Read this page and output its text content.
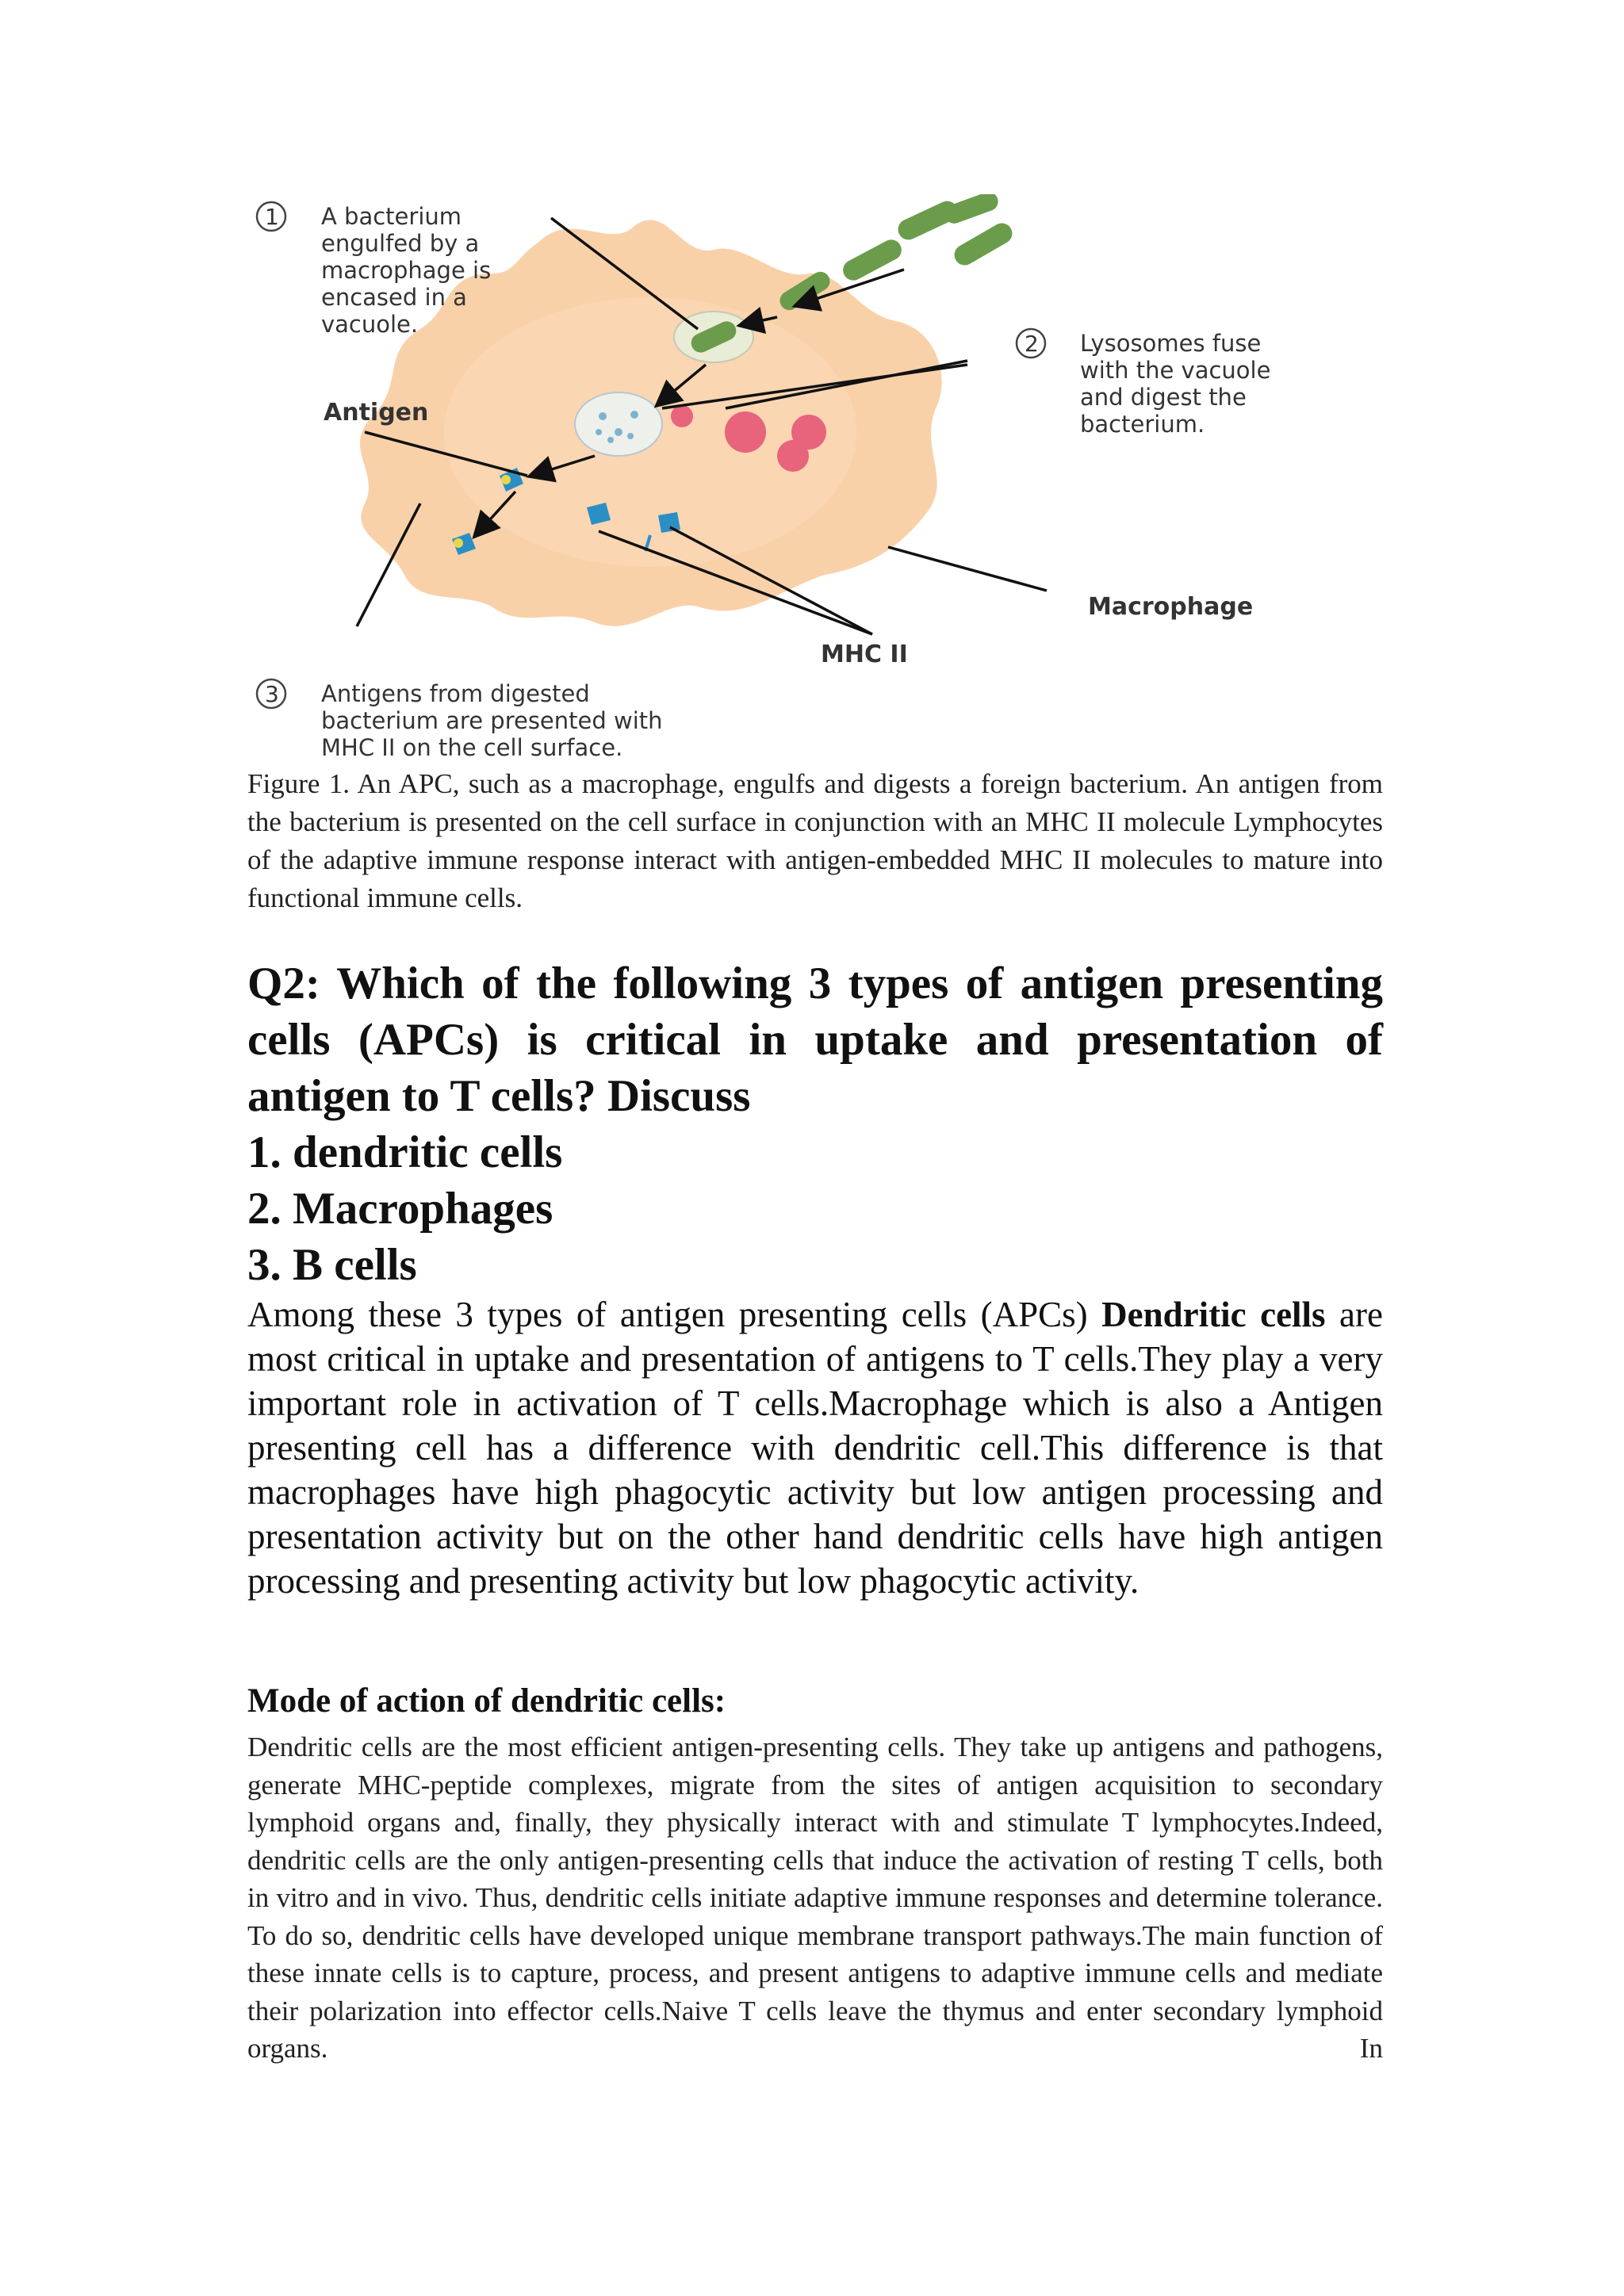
1 A bacterium
engulfed by a
macrophage is
encased in a
vacuole.
Antigen
2 Lysosomes fuse
with the vacuole
and digest the
bacterium.
Macrophage
MHC II
3 Antigens from digested
bacterium are presented with
MHC II on the cell surface.

Figure 1. An APC, such as a macrophage, engulfs and digests a foreign bacterium. An antigen from the bacterium is presented on the cell surface in conjunction with an MHC II molecule Lymphocytes of the adaptive immune response interact with antigen-embedded MHC II molecules to mature into functional immune cells.

Q2: Which of the following 3 types of antigen presenting cells (APCs) is critical in uptake and presentation of antigen to T cells? Discuss
1. dendritic cells
2. Macrophages
3. B cells

Among these 3 types of antigen presenting cells (APCs) Dendritic cells are most critical in uptake and presentation of antigens to T cells.They play a very important role in activation of T cells.Macrophage which is also a Antigen presenting cell has a difference with dendritic cell.This difference is that macrophages have high phagocytic activity but low antigen processing and presentation activity but on the other hand dendritic cells have high antigen processing and presenting activity but low phagocytic activity.

Mode of action of dendritic cells:

Dendritic cells are the most efficient antigen-presenting cells. They take up antigens and pathogens, generate MHC-peptide complexes, migrate from the sites of antigen acquisition to secondary lymphoid organs and, finally, they physically interact with and stimulate T lymphocytes.Indeed, dendritic cells are the only antigen-presenting cells that induce the activation of resting T cells, both in vitro and in vivo. Thus, dendritic cells initiate adaptive immune responses and determine tolerance. To do so, dendritic cells have developed unique membrane transport pathways.The main function of these innate cells is to capture, process, and present antigens to adaptive immune cells and mediate their polarization into effector cells.Naive T cells leave the thymus and enter secondary lymphoid organs. In
